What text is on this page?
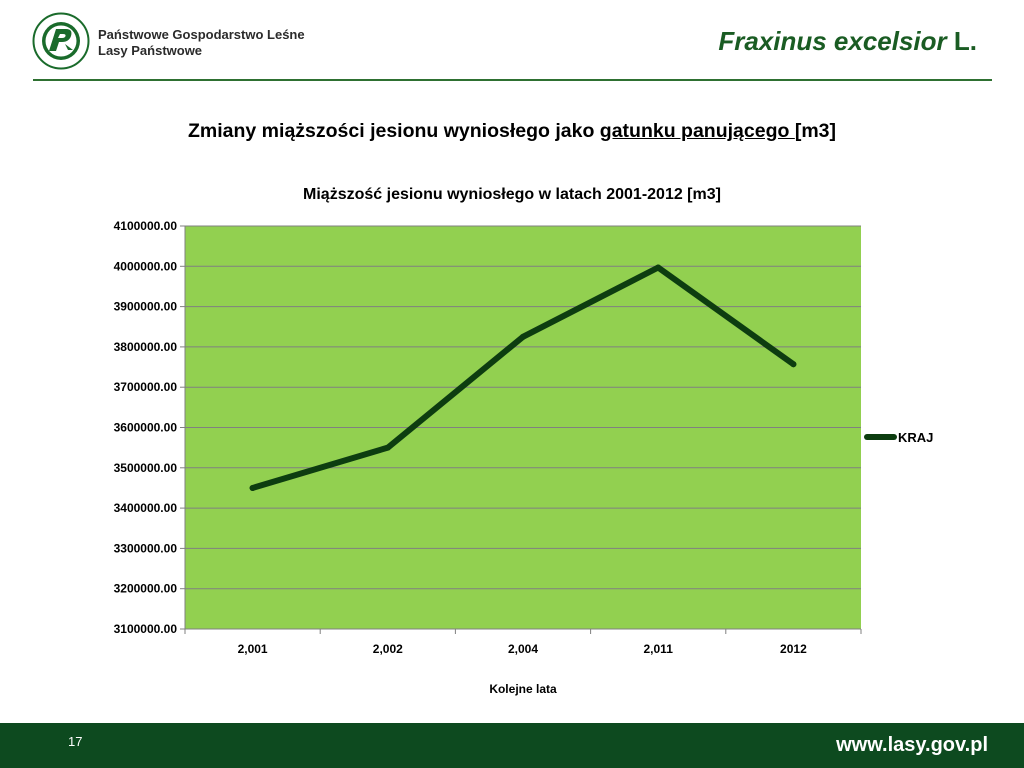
Państwowe Gospodarstwo Leśne
Lasy Państwowe	Fraxinus excelsior L.
Zmiany miąższości jesionu wyniosłego jako gatunku panującego [m3]
Miąższość jesionu wyniosłego w latach 2001-2012 [m3]
3100000.00
3200000.00
3300000.00
3400000.00
3500000.00
3600000.00
3700000.00
3800000.00
3900000.00
4000000.00
4100000.00
2,001	2,002	2,004	2,011	2012
Kolejne lata
KRAJ
17	www.lasy.gov.pl
